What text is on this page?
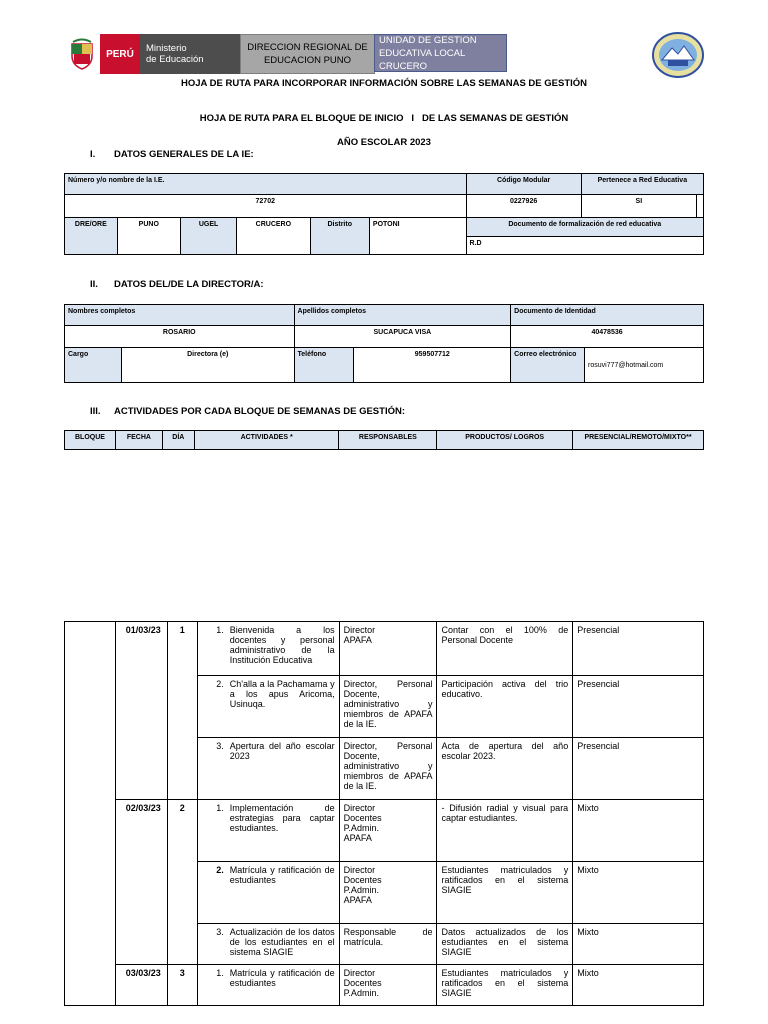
PERÚ	Ministerio
de Educación
DIRECCION REGIONAL DE
EDUCACION PUNO
UNIDAD DE GESTION
EDUCATIVA LOCAL CRUCERO
HOJA DE RUTA PARA INCORPORAR INFORMACIÓN SOBRE LAS SEMANAS DE GESTIÓN
HOJA DE RUTA PARA EL BLOQUE DE INICIO   I   DE LAS SEMANAS DE GESTIÓN
AÑO ESCOLAR 2023
I. DATOS GENERALES DE LA IE:
Número y/o nombre de la I.E.						Código Modular	Pertenece a Red Educativa	
72702						0227926	SI	
DRE/ORE	PUNO	UGEL	CRUCERO	Distrito	POTONI	Documento de formalización de red educativa		
						R.D		
II. DATOS DEL/DE LA DIRECTOR/A:
Nombres completos		Apellidos completos		Documento de Identidad	
ROSARIO		SUCAPUCA VISA		40478536	
Cargo	Directora (e)	Teléfono	959507712	Correo electrónico	rosuvi777@hotmail.com
III. ACTIVIDADES POR CADA BLOQUE DE SEMANAS DE GESTIÓN:
BLOQUE	FECHA	DÍA	ACTIVIDADES *	RESPONSABLES	PRODUCTOS/ LOGROS	PRESENCIAL/REMOTO/MIXTO**
	01/03/23	1	1. Bienvenida a los docentes y personal administrativo de la Institución Educativa	Director
APAFA	Contar con el 100% de Personal Docente	Presencial

			2. Ch'alla a la Pachamama y a los apus Aricoma, Usinuqa.	Director, Personal Docente, administrativo y miembros de APAFA de la IE.	Participación activa del trio educativo.	Presencial

			3. Apertura del año escolar 2023	Director, Personal Docente, administrativo y miembros de APAFA de la IE.	Acta de apertura del año escolar 2023.	Presencial
	02/03/23	2	1. Implementación de estrategias para captar estudiantes.	Director
Docentes
P.Admin.
APAFA	- Difusión radial y visual para captar estudiantes.	Mixto

			2. Matrícula y ratificación de estudiantes	Director
Docentes
P.Admin.
APAFA	Estudiantes matriculados y ratificados en el sistema SIAGIE	Mixto

			3. Actualización de los datos de los estudiantes en el sistema SIAGIE	Responsable de matrícula.	Datos actualizados de los estudiantes en el sistema SIAGIE	Mixto
	03/03/23	3	1. Matrícula y ratificación de estudiantes	Director
Docentes
P.Admin.	Estudiantes matriculados y ratificados en el sistema SIAGIE	Mixto
